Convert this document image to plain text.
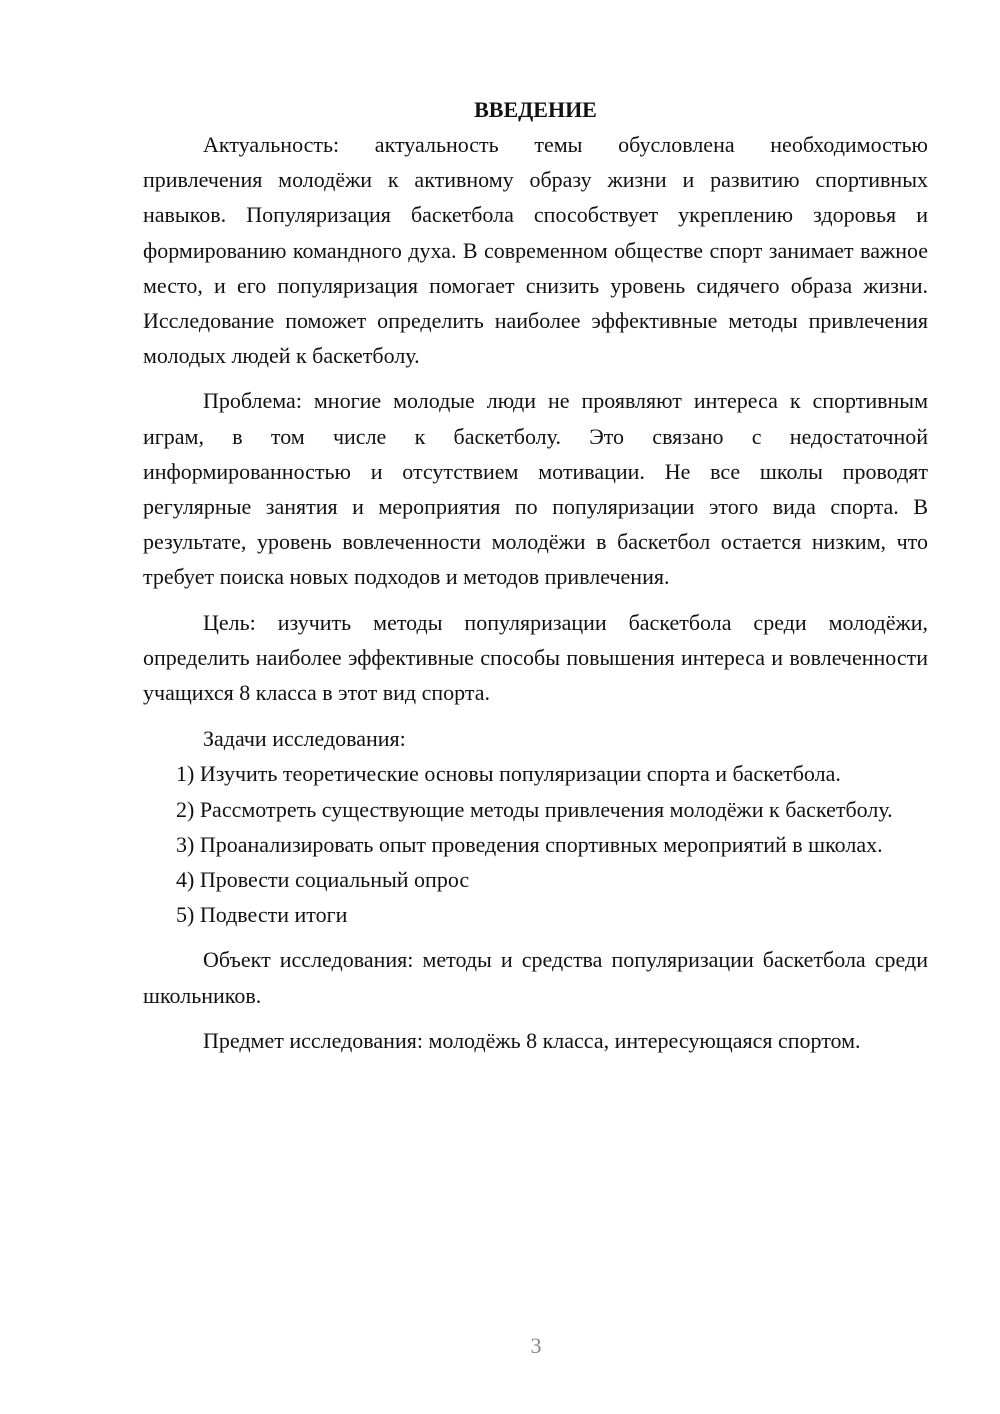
ВВЕДЕНИЕ

Актуальность: актуальность темы обусловлена необходимостью привлечения молодёжи к активному образу жизни и развитию спортивных навыков. Популяризация баскетбола способствует укреплению здоровья и формированию командного духа. В современном обществе спорт занимает важное место, и его популяризация помогает снизить уровень сидячего образа жизни. Исследование поможет определить наиболее эффективные методы привлечения молодых людей к баскетболу.

Проблема: многие молодые люди не проявляют интереса к спортивным играм, в том числе к баскетболу. Это связано с недостаточной информированностью и отсутствием мотивации. Не все школы проводят регулярные занятия и мероприятия по популяризации этого вида спорта. В результате, уровень вовлеченности молодёжи в баскетбол остается низким, что требует поиска новых подходов и методов привлечения.

Цель: изучить методы популяризации баскетбола среди молодёжи, определить наиболее эффективные способы повышения интереса и вовлеченности учащихся 8 класса в этот вид спорта.

Задачи исследования:

1) Изучить теоретические основы популяризации спорта и баскетбола.

2) Рассмотреть существующие методы привлечения молодёжи к баскетболу.

3) Проанализировать опыт проведения спортивных мероприятий в школах.

4) Провести социальный опрос

5) Подвести итоги

Объект исследования: методы и средства популяризации баскетбола среди школьников.

Предмет исследования: молодёжь 8 класса, интересующаяся спортом.

3
